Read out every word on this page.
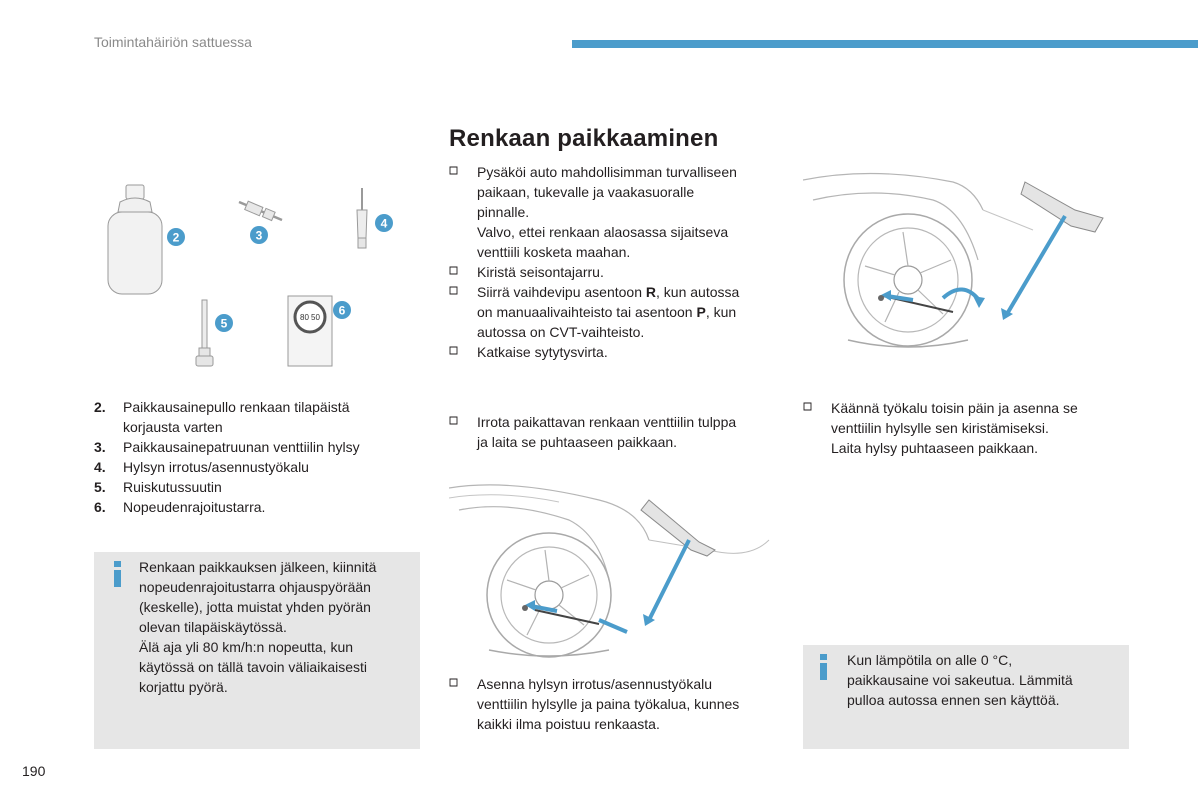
Toimintahäiriön sattuessa
2	3
4
5	80 50 6
2. Paikkausainepullo renkaan tilapäistä
korjausta varten
3. Paikkausainepatruunan venttiilin hylsy
4. Hylsyn irrotus/asennustyökalu
5. Ruiskutussuutin
6. Nopeudenrajoitustarra.
Renkaan paikkauksen jälkeen, kiinnitä
nopeudenrajoitustarra ohjauspyörään
(keskelle), jotta muistat yhden pyörän
olevan tilapäiskäytössä.
Älä aja yli 80 km/h:n nopeutta, kun
käytössä on tällä tavoin väliaikaisesti
korjattu pyörä.
Renkaan paikkaaminen
Pysäköi auto mahdollisimman turvalliseen
paikaan, tukevalle ja vaakasuoralle
pinnalle.
Valvo, ettei renkaan alaosassa sijaitseva
venttiili kosketa maahan.
Kiristä seisontajarru.
Siirrä vaihdevipu asentoon R, kun autossa
on manuaalivaihteisto tai asentoon P, kun
autossa on CVT-vaihteisto.
Katkaise sytytysvirta.
Irrota paikattavan renkaan venttiilin tulppa
ja laita se puhtaaseen paikkaan.
Asenna hylsyn irrotus/asennustyökalu
venttiilin hylsylle ja paina työkalua, kunnes
kaikki ilma poistuu renkaasta.
Käännä työkalu toisin päin ja asenna se
venttiilin hylsylle sen kiristämiseksi.
Laita hylsy puhtaaseen paikkaan.
Kun lämpötila on alle 0 °C,
paikkausaine voi sakeutua. Lämmitä
pulloa autossa ennen sen käyttöä.
190
